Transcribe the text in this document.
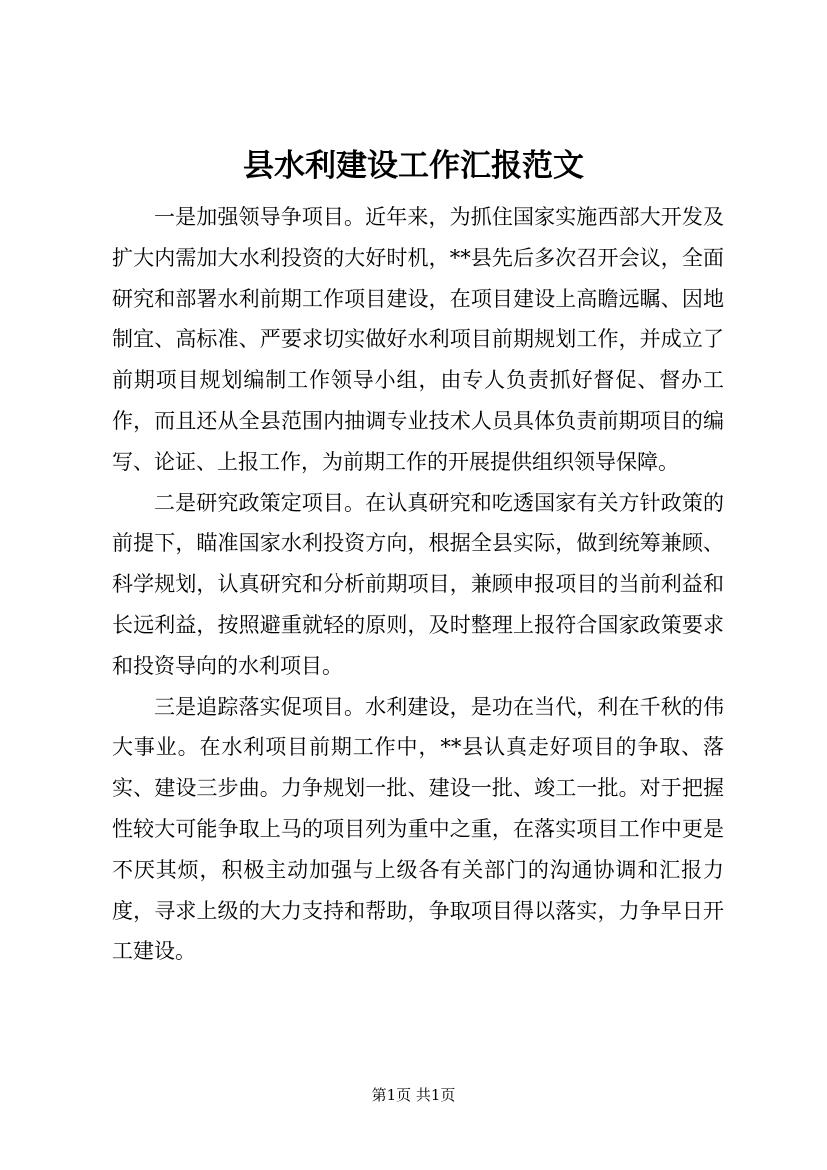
县水利建设工作汇报范文

一是加强领导争项目。近年来，为抓住国家实施西部大开发及扩大内需加大水利投资的大好时机，**县先后多次召开会议，全面研究和部署水利前期工作项目建设，在项目建设上高瞻远瞩、因地制宜、高标准、严要求切实做好水利项目前期规划工作，并成立了前期项目规划编制工作领导小组，由专人负责抓好督促、督办工作，而且还从全县范围内抽调专业技术人员具体负责前期项目的编写、论证、上报工作，为前期工作的开展提供组织领导保障。

二是研究政策定项目。在认真研究和吃透国家有关方针政策的前提下，瞄准国家水利投资方向，根据全县实际，做到统筹兼顾、科学规划，认真研究和分析前期项目，兼顾申报项目的当前利益和长远利益，按照避重就轻的原则，及时整理上报符合国家政策要求和投资导向的水利项目。

三是追踪落实促项目。水利建设，是功在当代，利在千秋的伟大事业。在水利项目前期工作中，**县认真走好项目的争取、落实、建设三步曲。力争规划一批、建设一批、竣工一批。对于把握性较大可能争取上马的项目列为重中之重，在落实项目工作中更是不厌其烦，积极主动加强与上级各有关部门的沟通协调和汇报力度，寻求上级的大力支持和帮助，争取项目得以落实，力争早日开工建设。

第1页 共1页
